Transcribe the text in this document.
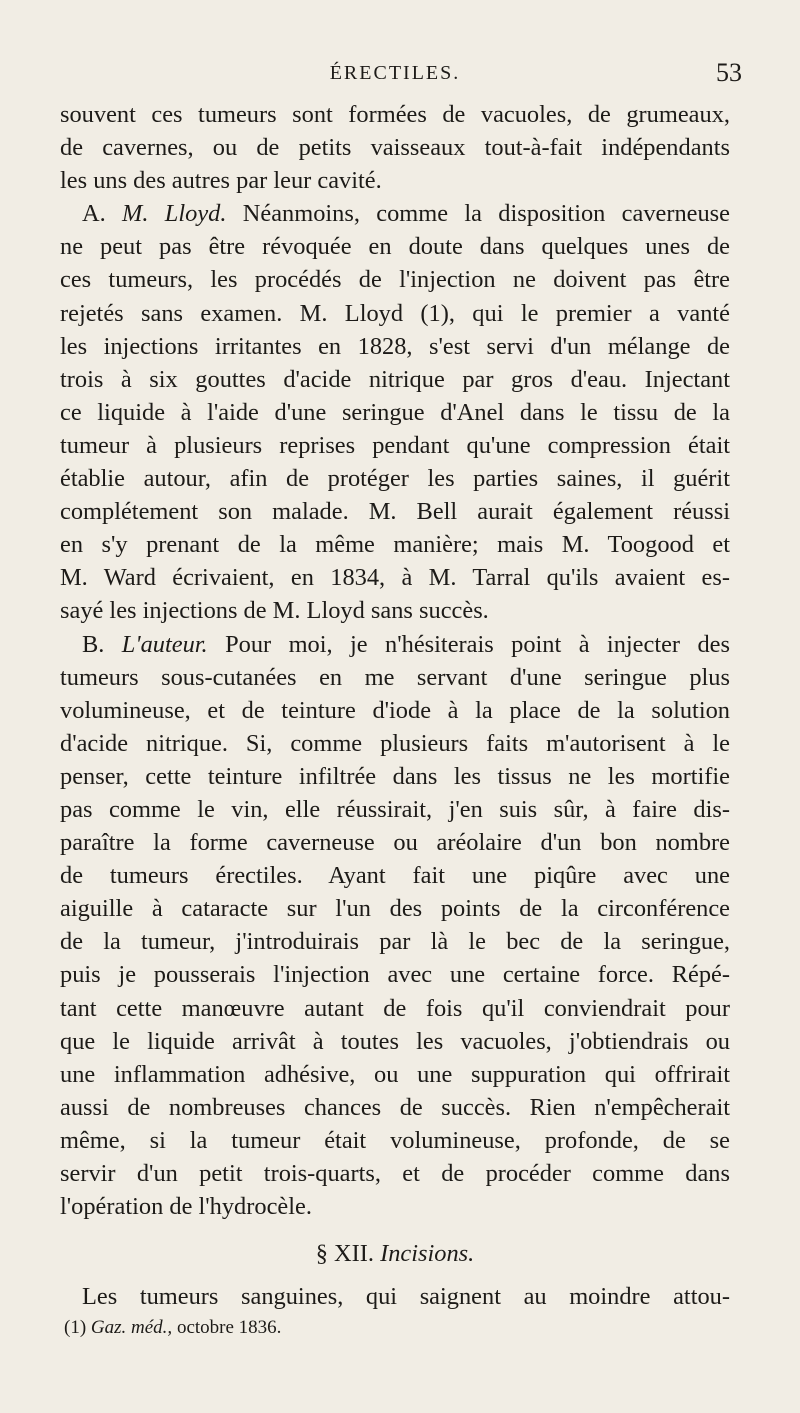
ÉRECTILES.	53
souvent ces tumeurs sont formées de vacuoles, de grumeaux,
de cavernes, ou de petits vaisseaux tout-à-fait indépendants
les uns des autres par leur cavité.
A. M. Lloyd. Néanmoins, comme la disposition caverneuse
ne peut pas être révoquée en doute dans quelques unes de
ces tumeurs, les procédés de l'injection ne doivent pas être
rejetés sans examen. M. Lloyd (1), qui le premier a vanté
les injections irritantes en 1828, s'est servi d'un mélange de
trois à six gouttes d'acide nitrique par gros d'eau. Injectant
ce liquide à l'aide d'une seringue d'Anel dans le tissu de la
tumeur à plusieurs reprises pendant qu'une compression était
établie autour, afin de protéger les parties saines, il guérit
complétement son malade. M. Bell aurait également réussi
en s'y prenant de la même manière; mais M. Toogood et
M. Ward écrivaient, en 1834, à M. Tarral qu'ils avaient es-
sayé les injections de M. Lloyd sans succès.
B. L'auteur. Pour moi, je n'hésiterais point à injecter des
tumeurs sous-cutanées en me servant d'une seringue plus
volumineuse, et de teinture d'iode à la place de la solution
d'acide nitrique. Si, comme plusieurs faits m'autorisent à le
penser, cette teinture infiltrée dans les tissus ne les mortifie
pas comme le vin, elle réussirait, j'en suis sûr, à faire dis-
paraître la forme caverneuse ou aréolaire d'un bon nombre
de tumeurs érectiles. Ayant fait une piqûre avec une
aiguille à cataracte sur l'un des points de la circonférence
de la tumeur, j'introduirais par là le bec de la seringue,
puis je pousserais l'injection avec une certaine force. Répé-
tant cette manœuvre autant de fois qu'il conviendrait pour
que le liquide arrivât à toutes les vacuoles, j'obtiendrais ou
une inflammation adhésive, ou une suppuration qui offrirait
aussi de nombreuses chances de succès. Rien n'empêcherait
même, si la tumeur était volumineuse, profonde, de se
servir d'un petit trois-quarts, et de procéder comme dans
l'opération de l'hydrocèle.
§ XII. Incisions.
Les tumeurs sanguines, qui saignent au moindre attou-
(1) Gaz. méd., octobre 1836.
